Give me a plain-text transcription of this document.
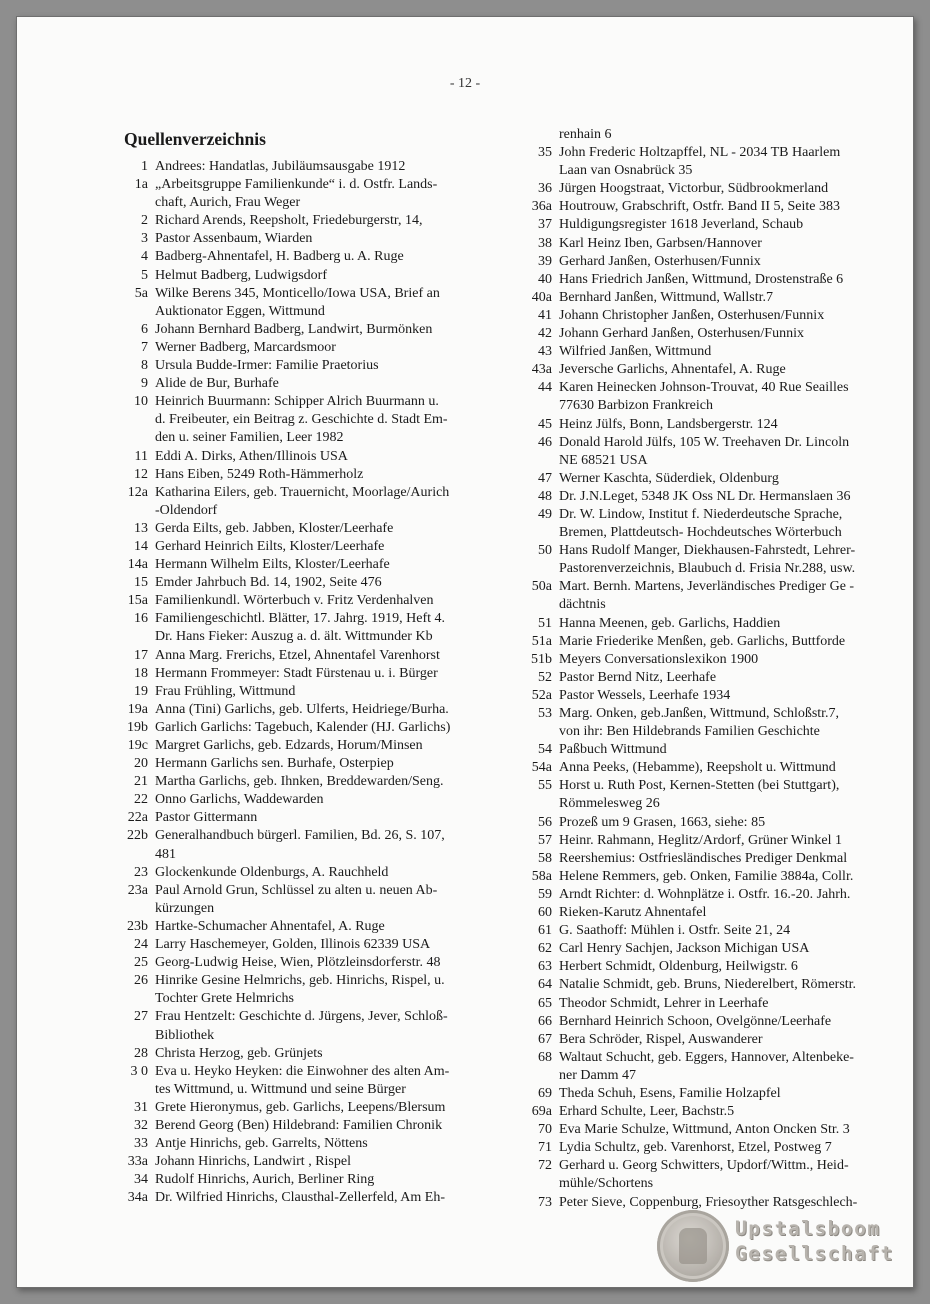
- 12 -
Quellenverzeichnis
1 Andrees: Handatlas, Jubiläumsausgabe 1912
1a „Arbeitsgruppe Familienkunde“ i. d. Ostfr. Lands-
chaft, Aurich, Frau Weger
2 Richard Arends, Reepsholt, Friedeburgerstr, 14,
3 Pastor Assenbaum, Wiarden
4 Badberg-Ahnentafel, H. Badberg u. A. Ruge
5 Helmut Badberg, Ludwigsdorf
5a Wilke Berens 345, Monticello/Iowa USA, Brief an
Auktionator Eggen, Wittmund
6 Johann Bernhard Badberg, Landwirt, Burmönken
7 Werner Badberg, Marcardsmoor
8 Ursula Budde-Irmer: Familie Praetorius
9 Alide de Bur, Burhafe
10 Heinrich Buurmann: Schipper Alrich Buurmann u.
d. Freibeuter, ein Beitrag z. Geschichte d. Stadt Em-
den u. seiner Familien, Leer 1982
11 Eddi A. Dirks, Athen/Illinois USA
12 Hans Eiben, 5249 Roth-Hämmerholz
12a Katharina Eilers, geb. Trauernicht, Moorlage/Aurich
-Oldendorf
13 Gerda Eilts, geb. Jabben, Kloster/Leerhafe
14 Gerhard Heinrich Eilts, Kloster/Leerhafe
14a Hermann Wilhelm Eilts, Kloster/Leerhafe
15 Emder Jahrbuch Bd. 14, 1902, Seite 476
15a Familienkundl. Wörterbuch v. Fritz Verdenhalven
16 Familiengeschichtl. Blätter, 17. Jahrg. 1919, Heft 4.
Dr. Hans Fieker: Auszug a. d. ält. Wittmunder Kb
17 Anna Marg. Frerichs, Etzel, Ahnentafel Varenhorst
18 Hermann Frommeyer: Stadt Fürstenau u. i. Bürger
19 Frau Frühling, Wittmund
19a Anna (Tini) Garlichs, geb. Ulferts, Heidriege/Burha.
19b Garlich Garlichs: Tagebuch, Kalender (HJ. Garlichs)
19c Margret Garlichs, geb. Edzards, Horum/Minsen
20 Hermann Garlichs sen. Burhafe, Osterpiep
21 Martha Garlichs, geb. Ihnken, Breddewarden/Seng.
22 Onno Garlichs, Waddewarden
22a Pastor Gittermann
22b Generalhandbuch bürgerl. Familien, Bd. 26, S. 107,
481
23 Glockenkunde Oldenburgs, A. Rauchheld
23a Paul Arnold Grun, Schlüssel zu alten u. neuen Ab-
kürzungen
23b Hartke-Schumacher Ahnentafel, A. Ruge
24 Larry Haschemeyer, Golden, Illinois 62339 USA
25 Georg-Ludwig Heise, Wien, Plötzleinsdorferstr. 48
26 Hinrike Gesine Helmrichs, geb. Hinrichs, Rispel, u.
Tochter Grete Helmrichs
27 Frau Hentzelt: Geschichte d. Jürgens, Jever, Schloß-
Bibliothek
28 Christa Herzog, geb. Grünjets
3 0 Eva u. Heyko Heyken: die Einwohner des alten Am-
tes Wittmund, u. Wittmund und seine Bürger
31 Grete Hieronymus, geb. Garlichs, Leepens/Blersum
32 Berend Georg (Ben) Hildebrand: Familien Chronik
33 Antje Hinrichs, geb. Garrelts, Nöttens
33a Johann Hinrichs, Landwirt , Rispel
34 Rudolf Hinrichs, Aurich, Berliner Ring
34a Dr. Wilfried Hinrichs, Clausthal-Zellerfeld, Am Eh-
renhain 6
35 John Frederic Holtzapffel, NL - 2034 TB Haarlem
Laan van Osnabrück 35
36 Jürgen Hoogstraat, Victorbur, Südbrookmerland
36a Houtrouw, Grabschrift, Ostfr. Band II 5, Seite 383
37 Huldigungsregister 1618 Jeverland, Schaub
38 Karl Heinz Iben, Garbsen/Hannover
39 Gerhard Janßen, Osterhusen/Funnix
40 Hans Friedrich Janßen, Wittmund, Drostenstraße 6
40a Bernhard Janßen, Wittmund, Wallstr.7
41 Johann Christopher Janßen, Osterhusen/Funnix
42 Johann Gerhard Janßen, Osterhusen/Funnix
43 Wilfried Janßen, Wittmund
43a Jeversche Garlichs, Ahnentafel, A. Ruge
44 Karen Heinecken Johnson-Trouvat, 40 Rue Seailles
77630 Barbizon Frankreich
45 Heinz Jülfs, Bonn, Landsbergerstr. 124
46 Donald Harold Jülfs, 105 W. Treehaven Dr. Lincoln
NE 68521 USA
47 Werner Kaschta, Süderdiek, Oldenburg
48 Dr. J.N.Leget, 5348 JK Oss NL Dr. Hermanslaen 36
49 Dr. W. Lindow, Institut f. Niederdeutsche Sprache,
Bremen, Plattdeutsch- Hochdeutsches Wörterbuch
50 Hans Rudolf Manger, Diekhausen-Fahrstedt, Lehrer-
Pastorenverzeichnis, Blaubuch d. Frisia Nr.288, usw.
50a Mart. Bernh. Martens, Jeverländisches Prediger Ge -
dächtnis
51 Hanna Meenen, geb. Garlichs, Haddien
51a Marie Friederike Menßen, geb. Garlichs, Buttforde
51b Meyers Conversationslexikon 1900
52 Pastor Bernd Nitz, Leerhafe
52a Pastor Wessels, Leerhafe 1934
53 Marg. Onken, geb.Janßen, Wittmund, Schloßstr.7,
von ihr: Ben Hildebrands Familien Geschichte
54 Paßbuch Wittmund
54a Anna Peeks, (Hebamme), Reepsholt u. Wittmund
55 Horst u. Ruth Post, Kernen-Stetten (bei Stuttgart),
Römmelesweg 26
56 Prozeß um 9 Grasen, 1663, siehe: 85
57 Heinr. Rahmann, Heglitz/Ardorf, Grüner Winkel 1
58 Reershemius: Ostfriesländisches Prediger Denkmal
58a Helene Remmers, geb. Onken, Familie 3884a, Collr.
59 Arndt Richter: d. Wohnplätze i. Ostfr. 16.-20. Jahrh.
60 Rieken-Karutz Ahnentafel
61 G. Saathoff: Mühlen i. Ostfr. Seite 21, 24
62 Carl Henry Sachjen, Jackson Michigan USA
63 Herbert Schmidt, Oldenburg, Heilwigstr. 6
64 Natalie Schmidt, geb. Bruns, Niederelbert, Römerstr.
65 Theodor Schmidt, Lehrer in Leerhafe
66 Bernhard Heinrich Schoon, Ovelgönne/Leerhafe
67 Bera Schröder, Rispel, Auswanderer
68 Waltaut Schucht, geb. Eggers, Hannover, Altenbeke-
ner Damm 47
69 Theda Schuh, Esens, Familie Holzapfel
69a Erhard Schulte, Leer, Bachstr.5
70 Eva Marie Schulze, Wittmund, Anton Oncken Str. 3
71 Lydia Schultz, geb. Varenhorst, Etzel, Postweg 7
72 Gerhard u. Georg Schwitters, Updorf/Wittm., Heid-
mühle/Schortens
73 Peter Sieve, Coppenburg, Friesoyther Ratsgeschlech-
Upstalsboom
Gesellschaft
